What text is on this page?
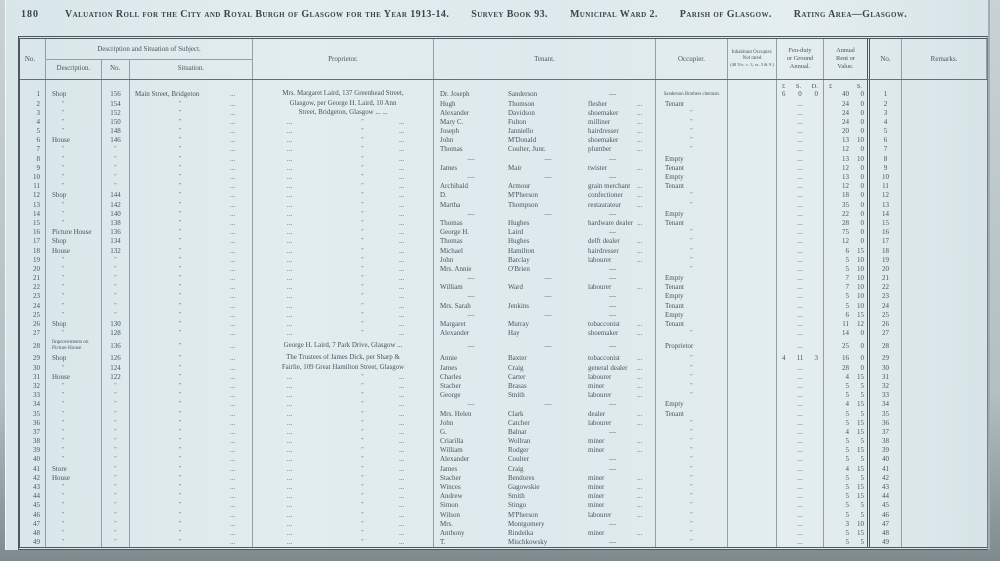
180	Valuation Roll for the City and Royal Burgh of Glasgow for the Year 1913-14. Survey Book 93. Municipal Ward 2. Parish of Glasgow. Rating Area—Glasgow.
No.
Description and Situation of Subject.
Description.	No.	Situation.
Proprietor.	Tenant.	Occupier.
Inhabitant Occupier.
Not rated
(48 Vic. c. 3, ss. 3 & 9.)
Feu-duty
or Ground
Annual.
Annual
Rent or
Value.
No.	Remarks.
£ S. D. £	S.
1	Shop	156	Main Street, Bridgeton	...	Mrs. Margaret Laird, 137 Greenhead Street,	Dr. Joseph	Sanderson	—	Sanderson Brothers chemists	6 0 0	40	0	1
2	″	154	″	...	Glasgow, per George H. Laird, 10 Ann	Hugh	Thomson	flesher	...	Tenant	...	24	0	2
3	″	152	″	...	Street, Bridgeton, Glasgow ... ...	Alexander	Davidson	shoemaker	...	″	...	24	0	3
4	″	150	″	...	...	″	...	Mary C.	Fulton	milliner	...	″	...	24	0	4
5	″	148	″	...	...	″	...	Joseph	Janniello	hairdresser	...	″	...	20	0	5
6	House	146	″	...	...	″	...	John	M'Donald	shoemaker	...	″	...	13	10	6
7	″	″	″	...	...	″	...	Thomas	Coulter, Junr.	plumber	...	″	...	12	0	7
8	″	″	″	...	...	″	...	—	—	—	Empty	...	13	10	8
9	″	″	″	...	...	″	...	James	Mair	twister	...	Tenant	...	12	0	9
10	″	″	″	...	...	″	...	—	—	—	Empty	...	13	0	10
11	″	″	″	...	...	″	...	Archibald	Armour	grain merchant ...	Tenant	...	12	0	11
12	Shop	144	″	...	...	″	...	D.	M'Pherson	confectioner	...	″	...	18	0	12
13	″	142	″	...	...	″	...	Martha	Thompson	restaurateur	...	″	...	35	0	13
14	″	140	″	...	...	″	...	—	—	—	Empty	...	22	0	14
15	″	138	″	...	...	″	...	Thomas	Hughes	hardware dealer ...	Tenant	...	28	0	15
16	Picture House	136	″	...	...	″	...	George H.	Laird	—	″	...	75	0	16
17	Shop	134	″	...	...	″	...	Thomas	Hughes	delft dealer	...	″	...	12	0	17
18	House	132	″	...	...	″	...	Michael	Hamilton	hairdresser	...	″	...	6	15	18
19	″	″	″	...	...	″	...	John	Barclay	labourer	...	″	...	5	10	19
20	″	″	″	...	...	″	...	Mrs. Annie	O'Brien	—	″	...	5	10	20
21	″	″	″	...	...	″	...	—	—	—	Empty	...	7	10	21
22	″	″	″	...	...	″	...	William	Ward	labourer	...	Tenant	...	7	10	22
23	″	″	″	...	...	″	...	—	—	—	Empty	...	5	10	23
24	″	″	″	...	...	″	...	Mrs. Sarah	Jenkins	—	Tenant	...	5	10	24
25	″	″	″	...	...	″	...	—	—	—	Empty	...	6	15	25
26	Shop	130	″	...	...	″	...	Margaret	Murray	tobacconist	...	Tenant	...	11	12	26
27	″	128	″	...	...	″	...	Alexander	Hay	shoemaker	...	″	...	14	0	27
28	Improvements on Picture House	136	″	...	George H. Laird, 7 Park Drive, Glasgow ...	—	—	—	Proprietor	...	25	0	28
29	Shop	126	″	...	The Trustees of James Dick, per Sharp &	Annie	Baxter	tobacconist	...	″	4 11 3	16	0	29
30	″	124	″	...	Fairlie, 109 Great Hamilton Street, Glasgow	James	Craig	general dealer	...	″	...	28	0	30
31	House	122	″	...	...	″	...	Charles	Carter	labourer	...	″	...	4	15	31
32	″	″	″	...	...	″	...	Stacher	Brasas	miner	...	″	...	5	5	32
33	″	″	″	...	...	″	...	George	Smith	labourer	...	″	...	5	5	33
34	″	″	″	...	...	″	...	—	—	—	Empty	...	4	15	34
35	″	″	″	...	...	″	...	Mrs. Helen	Clark	dealer	...	Tenant	...	5	5	35
36	″	″	″	...	...	″	...	John	Catcher	labourer	...	″	...	5	15	36
37	″	″	″	...	...	″	...	G.	Balnat	—	″	...	4	15	37
38	″	″	″	...	...	″	...	Criarilla	Wollran	miner	...	″	...	5	5	38
39	″	″	″	...	...	″	...	William	Rodger	miner	...	″	...	5	15	39
40	″	″	″	...	...	″	...	Alexander	Coulter	—	″	...	5	5	40
41	Store	″	″	...	...	″	...	James	Craig	—	″	...	4	15	41
42	House	″	″	...	...	″	...	Stacher	Bendores	miner	...	″	...	5	5	42
43	″	″	″	...	...	″	...	Winces	Gagowskie	miner	...	″	...	5	15	43
44	″	″	″	...	...	″	...	Andrew	Smith	miner	...	″	...	5	15	44
45	″	″	″	...	...	″	...	Simon	Stingo	miner	...	″	...	5	5	45
46	″	″	″	...	...	″	...	Wilson	M'Pherson	labourer	...	″	...	5	5	46
47	″	″	″	...	...	″	...	Mrs.	Montgomery	—	″	...	3	10	47
48	″	″	″	...	...	″	...	Anthony	Rindeika	miner	...	″	...	5	15	48
49	″	″	″	...	...	″	...	T.	Mischkowsky	—	″	...	5	5	49
